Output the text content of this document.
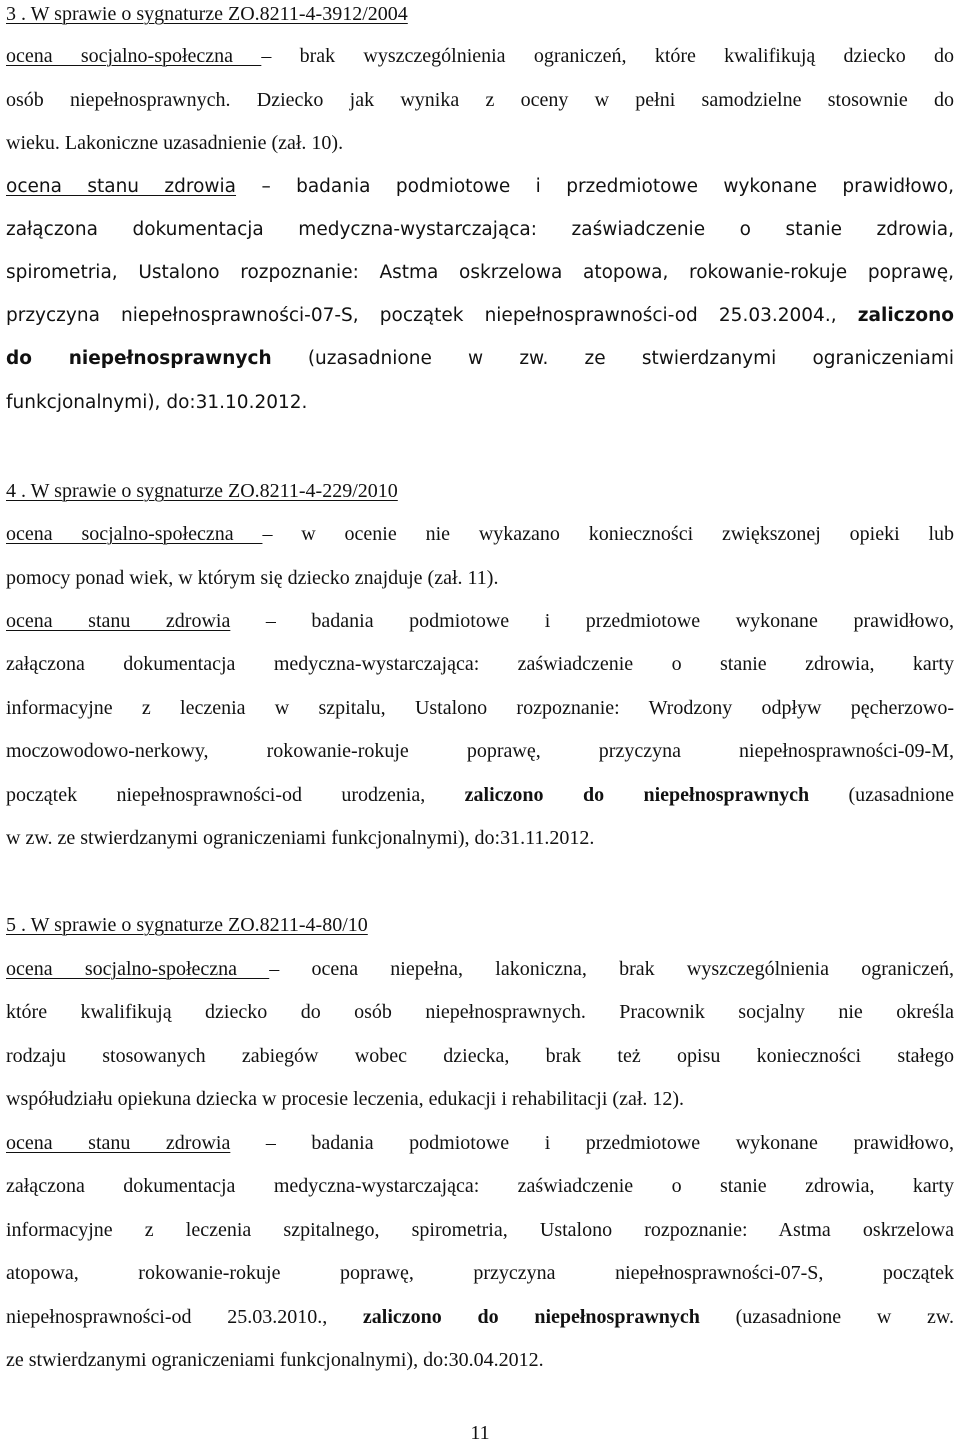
3 . W sprawie o sygnaturze ZO.8211-4-3912/2004
ocena socjalno-społeczna – brak wyszczególnienia ograniczeń, które kwalifikują dziecko do
osób niepełnosprawnych. Dziecko jak wynika z oceny w pełni samodzielne stosownie do
wieku. Lakoniczne uzasadnienie (zał. 10).
ocena stanu zdrowia – badania podmiotowe i przedmiotowe wykonane prawidłowo,
załączona dokumentacja medyczna-wystarczająca: zaświadczenie o stanie zdrowia,
spirometria, Ustalono rozpoznanie: Astma oskrzelowa atopowa, rokowanie-rokuje poprawę,
przyczyna niepełnosprawności-07-S, początek niepełnosprawności-od 25.03.2004., zaliczono
do niepełnosprawnych (uzasadnione w zw. ze stwierdzanymi ograniczeniami
funkcjonalnymi), do:31.10.2012.
4 . W sprawie o sygnaturze ZO.8211-4-229/2010
ocena socjalno-społeczna – w ocenie nie wykazano konieczności zwiększonej opieki lub
pomocy ponad wiek, w którym się dziecko znajduje (zał. 11).
ocena stanu zdrowia – badania podmiotowe i przedmiotowe wykonane prawidłowo,
załączona dokumentacja medyczna-wystarczająca: zaświadczenie o stanie zdrowia, karty
informacyjne z leczenia w szpitalu, Ustalono rozpoznanie: Wrodzony odpływ pęcherzowo-
moczowodowo-nerkowy, rokowanie-rokuje poprawę, przyczyna niepełnosprawności-09-M,
początek niepełnosprawności-od urodzenia, zaliczono do niepełnosprawnych (uzasadnione
w zw. ze stwierdzanymi ograniczeniami funkcjonalnymi), do:31.11.2012.
5 . W sprawie o sygnaturze ZO.8211-4-80/10
ocena socjalno-społeczna – ocena niepełna, lakoniczna, brak wyszczególnienia ograniczeń,
które kwalifikują dziecko do osób niepełnosprawnych. Pracownik socjalny nie określa
rodzaju stosowanych zabiegów wobec dziecka, brak też opisu konieczności stałego
współudziału opiekuna dziecka w procesie leczenia, edukacji i rehabilitacji (zał. 12).
ocena stanu zdrowia – badania podmiotowe i przedmiotowe wykonane prawidłowo,
załączona dokumentacja medyczna-wystarczająca: zaświadczenie o stanie zdrowia, karty
informacyjne z leczenia szpitalnego, spirometria, Ustalono rozpoznanie: Astma oskrzelowa
atopowa, rokowanie-rokuje poprawę, przyczyna niepełnosprawności-07-S, początek
niepełnosprawności-od 25.03.2010., zaliczono do niepełnosprawnych (uzasadnione w zw.
ze stwierdzanymi ograniczeniami funkcjonalnymi), do:30.04.2012.
11
